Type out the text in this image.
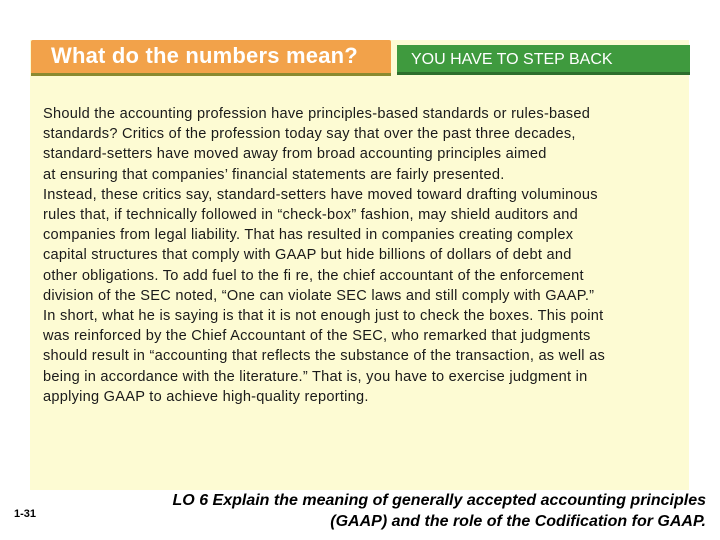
What do the numbers mean?	YOU HAVE TO STEP BACK
Should the accounting profession have principles-based standards or rules-based
standards? Critics of the profession today say that over the past three decades,
standard-setters have moved away from broad accounting principles aimed
at ensuring that companies’ financial statements are fairly presented.
Instead, these critics say, standard-setters have moved toward drafting voluminous
rules that, if technically followed in “check-box” fashion, may shield auditors and
companies from legal liability. That has resulted in companies creating complex
capital structures that comply with GAAP but hide billions of dollars of debt and
other obligations. To add fuel to the fi re, the chief accountant of the enforcement
division of the SEC noted, “One can violate SEC laws and still comply with GAAP.”
In short, what he is saying is that it is not enough just to check the boxes. This point
was reinforced by the Chief Accountant of the SEC, who remarked that judgments
should result in “accounting that reflects the substance of the transaction, as well as
being in accordance with the literature.” That is, you have to exercise judgment in
applying GAAP to achieve high-quality reporting.
1-31
LO 6 Explain the meaning of generally accepted accounting principles
(GAAP) and the role of the Codification for GAAP.
